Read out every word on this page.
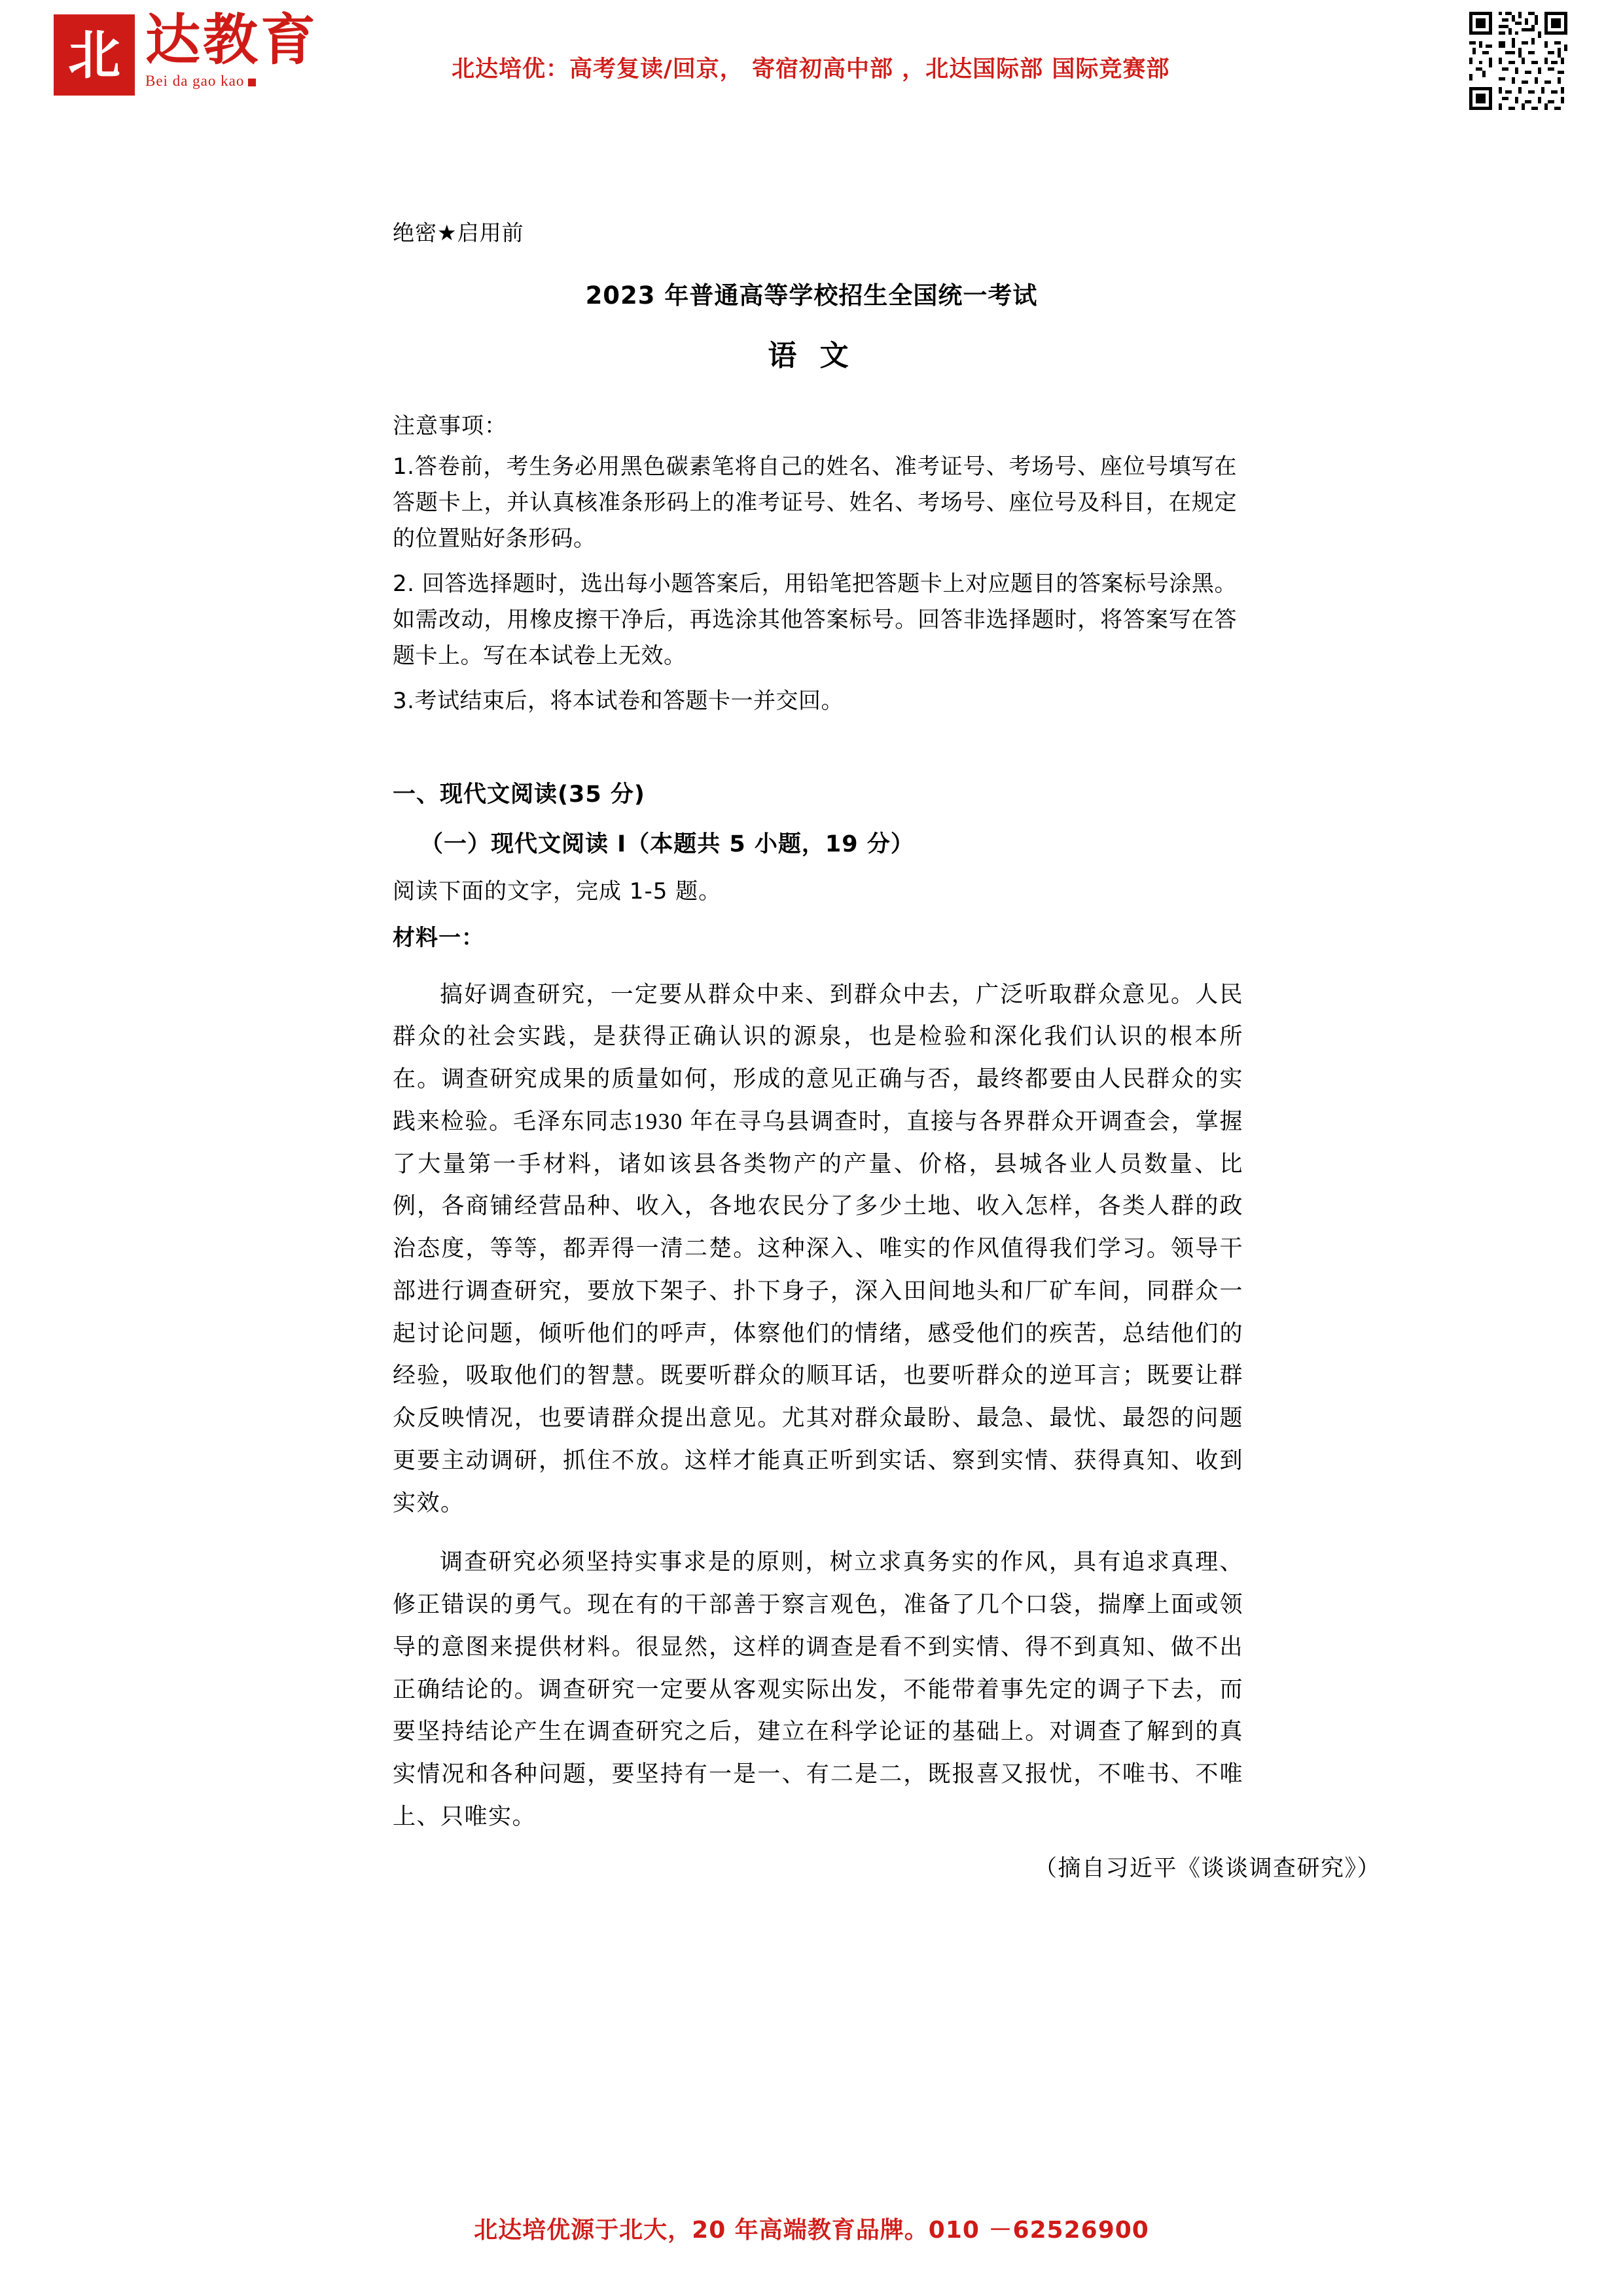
北 达教育
Bei da gao kao	北达培优：高考复读/回京， 寄宿初高中部 ，北达国际部 国际竞赛部
绝密★启用前
2023 年普通高等学校招生全国统一考试
语 文
注意事项：
1.答卷前，考生务必用黑色碳素笔将自己的姓名、准考证号、考场号、座位号填写在答题卡上，并认真核准条形码上的准考证号、姓名、考场号、座位号及科目，在规定的位置贴好条形码。
2. 回答选择题时，选出每小题答案后，用铅笔把答题卡上对应题目的答案标号涂黑。如需改动，用橡皮擦干净后，再选涂其他答案标号。回答非选择题时，将答案写在答题卡上。写在本试卷上无效。
3.考试结束后，将本试卷和答题卡一并交回。
一、现代文阅读(35 分)
（一）现代文阅读 I（本题共 5 小题，19 分）
阅读下面的文字，完成 1-5 题。
材料一：
搞好调查研究，一定要从群众中来、到群众中去，广泛听取群众意见。人民群众的社会实践，是获得正确认识的源泉，也是检验和深化我们认识的根本所在。调查研究成果的质量如何，形成的意见正确与否，最终都要由人民群众的实践来检验。毛泽东同志1930 年在寻乌县调查时，直接与各界群众开调查会，掌握了大量第一手材料，诸如该县各类物产的产量、价格，县城各业人员数量、比例，各商铺经营品种、收入，各地农民分了多少土地、收入怎样，各类人群的政治态度，等等，都弄得一清二楚。这种深入、唯实的作风值得我们学习。领导干部进行调查研究，要放下架子、扑下身子，深入田间地头和厂矿车间，同群众一起讨论问题，倾听他们的呼声，体察他们的情绪，感受他们的疾苦，总结他们的经验，吸取他们的智慧。既要听群众的顺耳话，也要听群众的逆耳言；既要让群众反映情况，也要请群众提出意见。尤其对群众最盼、最急、最忧、最怨的问题更要主动调研，抓住不放。这样才能真正听到实话、察到实情、获得真知、收到实效。
调查研究必须坚持实事求是的原则，树立求真务实的作风，具有追求真理、修正错误的勇气。现在有的干部善于察言观色，准备了几个口袋，揣摩上面或领导的意图来提供材料。很显然，这样的调查是看不到实情、得不到真知、做不出正确结论的。调查研究一定要从客观实际出发，不能带着事先定的调子下去，而要坚持结论产生在调查研究之后，建立在科学论证的基础上。对调查了解到的真实情况和各种问题，要坚持有一是一、有二是二，既报喜又报忧，不唯书、不唯上、只唯实。
（摘自习近平《谈谈调查研究》）
北达培优源于北大，20 年高端教育品牌。010 －62526900
